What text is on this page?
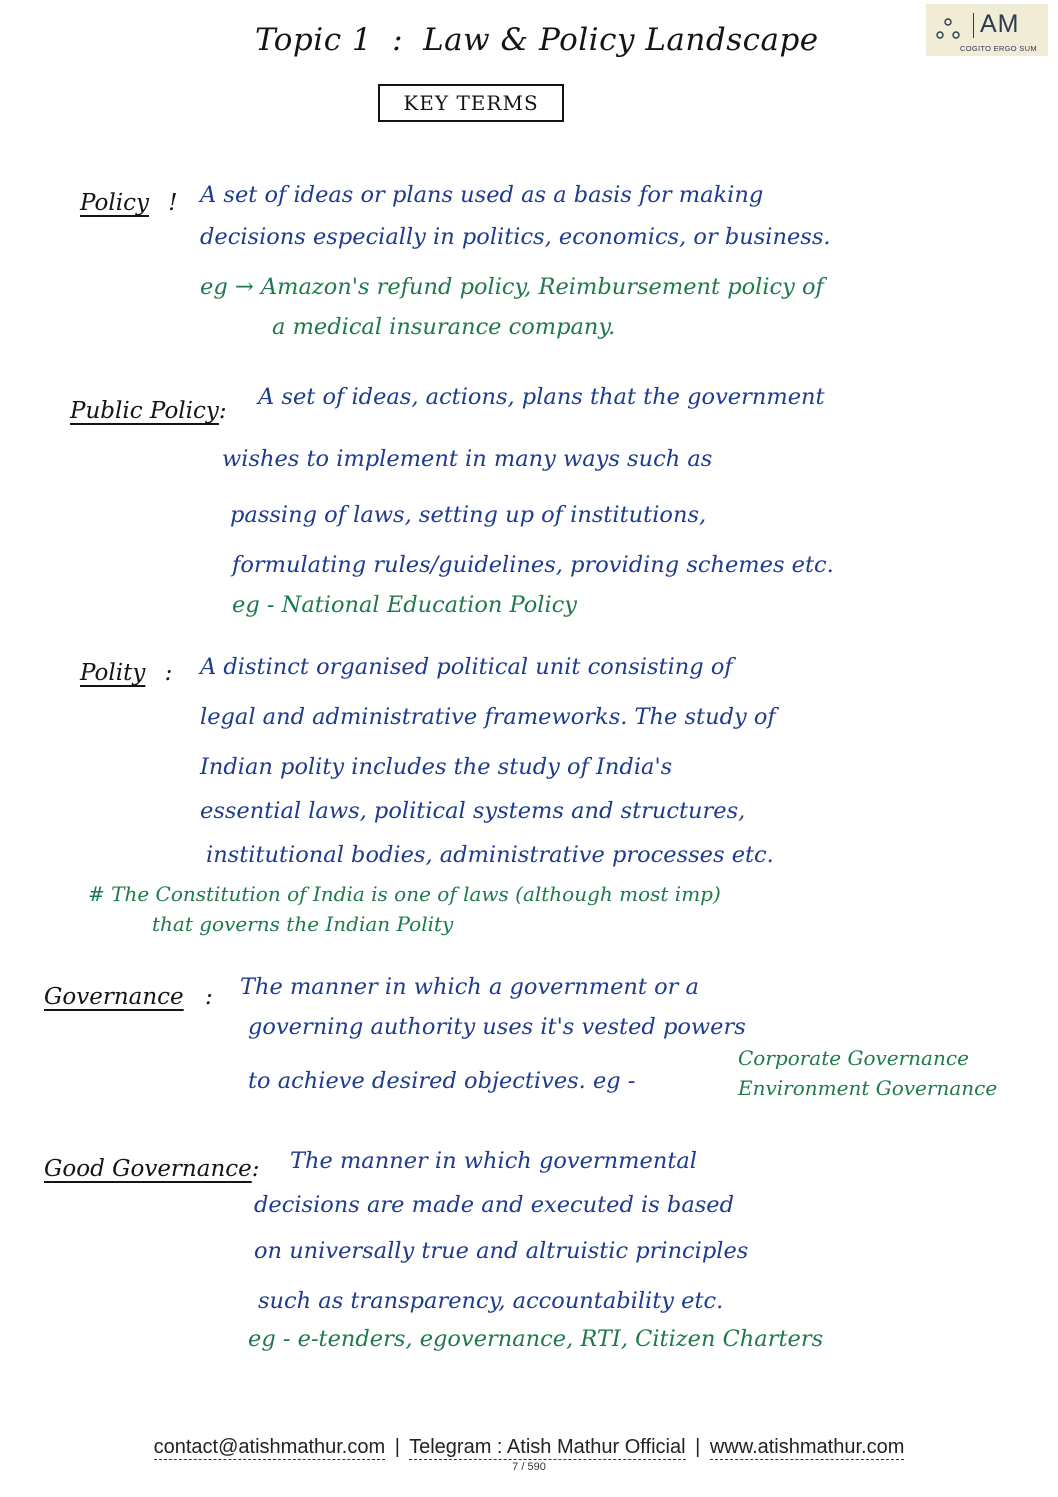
AM
COGITO ERGO SUM
Topic 1 : Law & Policy Landscape
KEY TERMS
Policy ! A set of ideas or plans used as a basis for making
decisions especially in politics, economics, or business.
eg → Amazon's refund policy, Reimbursement policy of
a medical insurance company.
Public Policy:
A set of ideas, actions, plans that the government
wishes to implement in many ways such as
passing of laws, setting up of institutions,
formulating rules/guidelines, providing schemes etc.
eg - National Education Policy
Polity : A distinct organised political unit consisting of
legal and administrative frameworks. The study of
Indian polity includes the study of India's
essential laws, political systems and structures,
institutional bodies, administrative processes etc.
# The Constitution of India is one of laws (although most imp)
that governs the Indian Polity
Governance : The manner in which a government or a
governing authority uses it's vested powers
to achieve desired objectives. eg -
Corporate Governance
Environment Governance
Good Governance: The manner in which governmental
decisions are made and executed is based
on universally true and altruistic principles
such as transparency, accountability etc.
eg - e-tenders, egovernance, RTI, Citizen Charters
contact@atishmathur.com | Telegram : Atish Mathur Official | www.atishmathur.com
7 / 590
